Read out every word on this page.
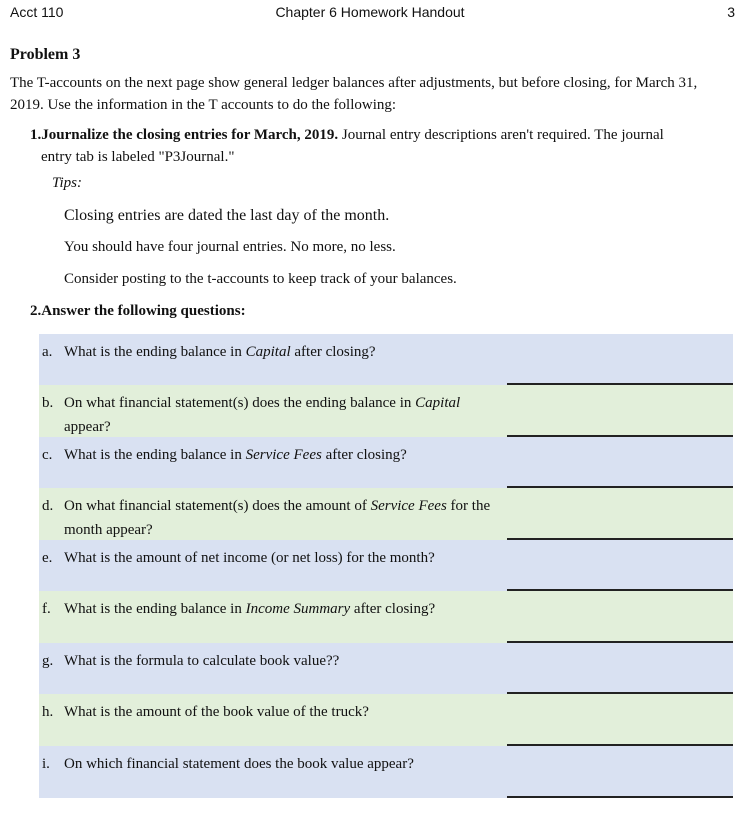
Acct 110	Chapter 6 Homework Handout	3
Problem 3
The T-accounts on the next page show general ledger balances after adjustments, but before closing, for March 31, 2019. Use the information in the T accounts to do the following:
1.Journalize the closing entries for March, 2019. Journal entry descriptions aren't required. The journal
entry tab is labeled "P3Journal."
Tips:
Closing entries are dated the last day of the month.
You should have four journal entries. No more, no less.
Consider posting to the t-accounts to keep track of your balances.
2.Answer the following questions:
a. What is the ending balance in Capital after closing?
b. On what financial statement(s) does the ending balance in Capital appear?
c. What is the ending balance in Service Fees after closing?
d. On what financial statement(s) does the amount of Service Fees for the month appear?
e. What is the amount of net income (or net loss) for the month?
f. What is the ending balance in Income Summary after closing?
g. What is the formula to calculate book value??
h. What is the amount of the book value of the truck?
i. On which financial statement does the book value appear?
